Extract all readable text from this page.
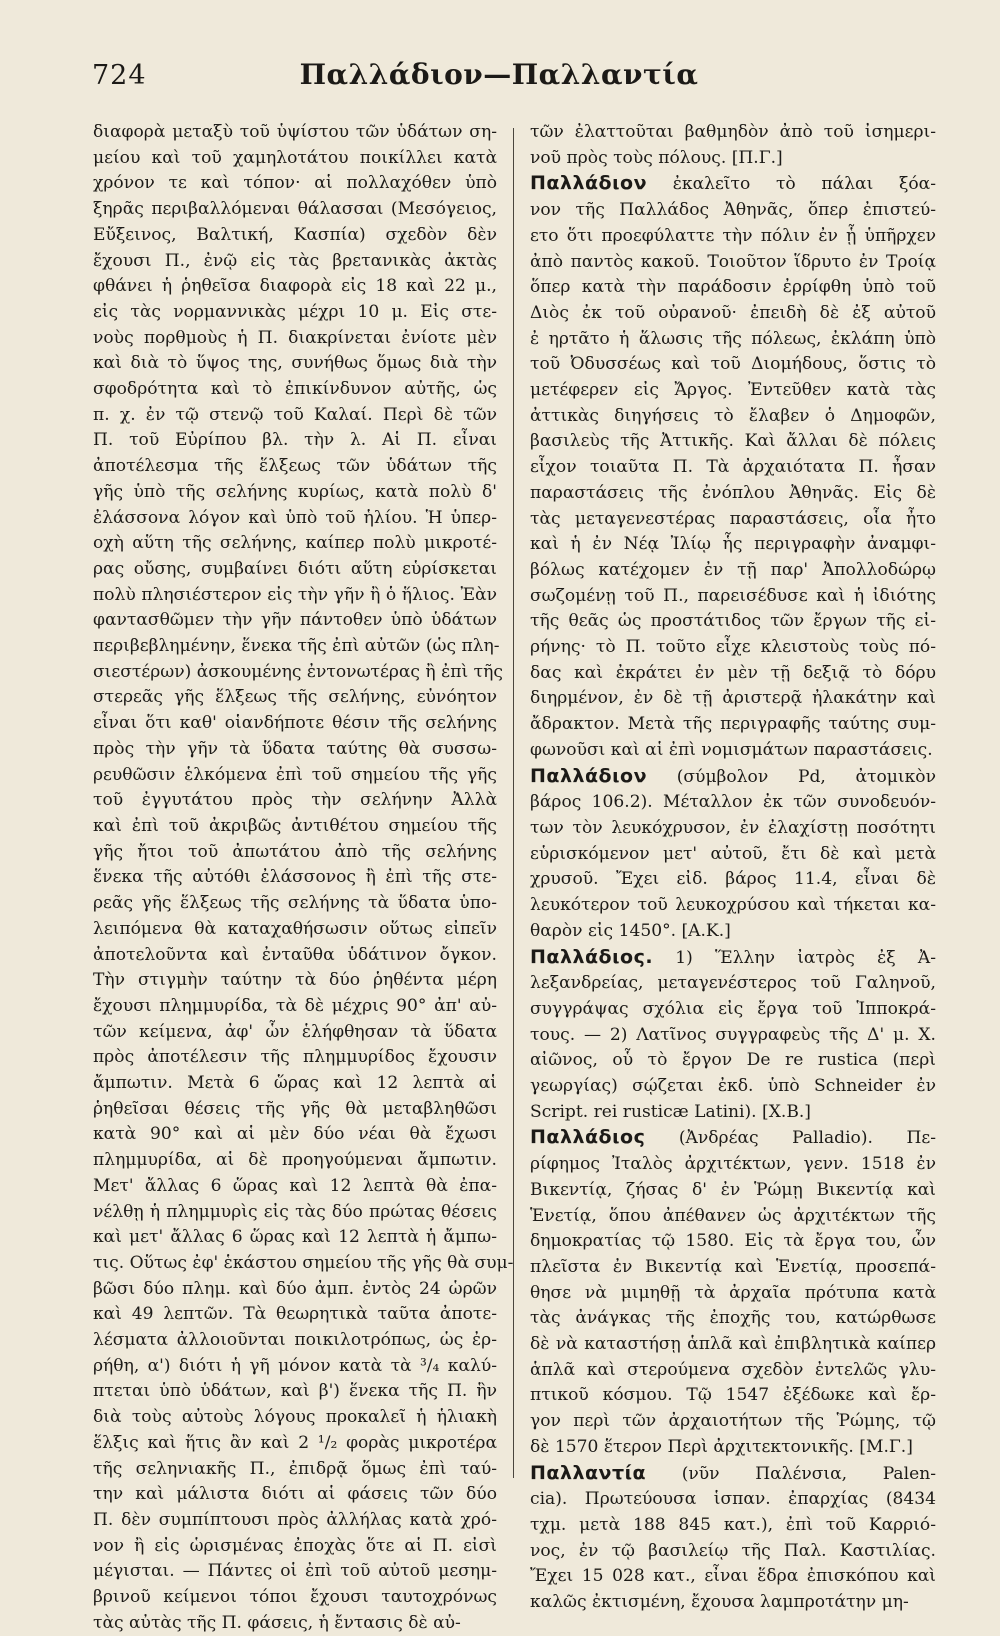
724	Παλλάδιον—Παλλαντία
διαφορὰ μεταξὺ τοῦ ὑψίστου τῶν ὑδάτων ση-
μείου καὶ τοῦ χαμηλοτάτου ποικίλλει κατὰ
χρόνον τε καὶ τόπον· αἱ πολλαχόθεν ὑπὸ
ξηρᾶς περιβαλλόμεναι θάλασσαι (Μεσόγειος,
Εὔξεινος, Βαλτική, Κασπία) σχεδὸν δὲν
ἔχουσι Π., ἐνῷ εἰς τὰς βρετανικὰς ἀκτὰς
φθάνει ἡ ῥηθεῖσα διαφορὰ εἰς 18 καὶ 22 μ.,
εἰς τὰς νορμαννικὰς μέχρι 10 μ. Εἰς στε-
νοὺς πορθμοὺς ἡ Π. διακρίνεται ἐνίοτε μὲν
καὶ διὰ τὸ ὕψος της, συνήθως ὅμως διὰ τὴν
σφοδρότητα καὶ τὸ ἐπικίνδυνον αὐτῆς, ὡς
π. χ. ἐν τῷ στενῷ τοῦ Καλαί. Περὶ δὲ τῶν
Π. τοῦ Εὐρίπου βλ. τὴν λ. Αἱ Π. εἶναι
ἀποτέλεσμα τῆς ἕλξεως τῶν ὑδάτων τῆς
γῆς ὑπὸ τῆς σελήνης κυρίως, κατὰ πολὺ δ'
ἐλάσσονα λόγον καὶ ὑπὸ τοῦ ἡλίου. Ἡ ὑπερ-
οχὴ αὕτη τῆς σελήνης, καίπερ πολὺ μικροτέ-
ρας οὔσης, συμβαίνει διότι αὕτη εὑρίσκεται
πολὺ πλησιέστερον εἰς τὴν γῆν ἢ ὁ ἥλιος. Ἐὰν
φαντασθῶμεν τὴν γῆν πάντοθεν ὑπὸ ὑδάτων
περιβεβλημένην, ἕνεκα τῆς ἐπὶ αὐτῶν (ὡς πλη-
σιεστέρων) ἀσκουμένης ἐντονωτέρας ἢ ἐπὶ τῆς
στερεᾶς γῆς ἕλξεως τῆς σελήνης, εὐνόητον
εἶναι ὅτι καθ' οἱανδήποτε θέσιν τῆς σελήνης
πρὸς τὴν γῆν τὰ ὕδατα ταύτης θὰ συσσω-
ρευθῶσιν ἑλκόμενα ἐπὶ τοῦ σημείου τῆς γῆς
τοῦ ἐγγυτάτου πρὸς τὴν σελήνην Ἀλλὰ
καὶ ἐπὶ τοῦ ἀκριβῶς ἀντιθέτου σημείου τῆς
γῆς ἤτοι τοῦ ἀπωτάτου ἀπὸ τῆς σελήνης
ἕνεκα τῆς αὐτόθι ἐλάσσονος ἢ ἐπὶ τῆς στε-
ρεᾶς γῆς ἕλξεως τῆς σελήνης τὰ ὕδατα ὑπο-
λειπόμενα θὰ καταχαθήσωσιν οὕτως εἰπεῖν
ἀποτελοῦντα καὶ ἐνταῦθα ὑδάτινον ὄγκον.
Τὴν στιγμὴν ταύτην τὰ δύο ῥηθέντα μέρη
ἔχουσι πλημμυρίδα, τὰ δὲ μέχρις 90° ἀπ' αὐ-
τῶν κείμενα, ἀφ' ὧν ἑλήφθησαν τὰ ὕδατα
πρὸς ἀποτέλεσιν τῆς πλημμυρίδος ἔχουσιν
ἄμπωτιν. Μετὰ 6 ὥρας καὶ 12 λεπτὰ αἱ
ῥηθεῖσαι θέσεις τῆς γῆς θὰ μεταβληθῶσι
κατὰ 90° καὶ αἱ μὲν δύο νέαι θὰ ἔχωσι
πλημμυρίδα, αἱ δὲ προηγούμεναι ἄμπωτιν.
Μετ' ἄλλας 6 ὥρας καὶ 12 λεπτὰ θὰ ἐπα-
νέλθῃ ἡ πλημμυρὶς εἰς τὰς δύο πρώτας θέσεις
καὶ μετ' ἄλλας 6 ὥρας καὶ 12 λεπτὰ ἡ ἄμπω-
τις. Οὕτως ἐφ' ἑκάστου σημείου τῆς γῆς θὰ συμ-
βῶσι δύο πλημ. καὶ δύο ἀμπ. ἐντὸς 24 ὡρῶν
καὶ 49 λεπτῶν. Τὰ θεωρητικὰ ταῦτα ἀποτε-
λέσματα ἀλλοιοῦνται ποικιλοτρόπως, ὡς ἐρ-
ρήθη, α') διότι ἡ γῆ μόνον κατὰ τὰ ³/₄ καλύ-
πτεται ὑπὸ ὑδάτων, καὶ β') ἕνεκα τῆς Π. ἣν
διὰ τοὺς αὐτοὺς λόγους προκαλεῖ ἡ ἡλιακὴ
ἕλξις καὶ ἥτις ἂν καὶ 2 ¹/₂ φορὰς μικροτέρα
τῆς σεληνιακῆς Π., ἐπιδρᾷ ὅμως ἐπὶ ταύ-
την καὶ μάλιστα διότι αἱ φάσεις τῶν δύο
Π. δὲν συμπίπτουσι πρὸς ἀλλήλας κατὰ χρό-
νον ἢ εἰς ὡρισμένας ἐποχὰς ὅτε αἱ Π. εἰσὶ
μέγισται. — Πάντες οἱ ἐπὶ τοῦ αὐτοῦ μεσημ-
βρινοῦ κείμενοι τόποι ἔχουσι ταυτοχρόνως
τὰς αὐτὰς τῆς Π. φάσεις, ἡ ἔντασις δὲ αὐ-
τῶν ἐλαττοῦται βαθμηδὸν ἀπὸ τοῦ ἰσημερι-
νοῦ πρὸς τοὺς πόλους. [Π.Γ.]
Παλλάδιον ἐκαλεῖτο τὸ πάλαι ξόα-
νον τῆς Παλλάδος Ἀθηνᾶς, ὅπερ ἐπιστεύ-
ετο ὅτι προεφύλαττε τὴν πόλιν ἐν ᾗ ὑπῆρχεν
ἀπὸ παντὸς κακοῦ. Τοιοῦτον ἵδρυτο ἐν Τροίᾳ
ὅπερ κατὰ τὴν παράδοσιν ἐρρίφθη ὑπὸ τοῦ
Διὸς ἐκ τοῦ οὐρανοῦ· ἐπειδὴ δὲ ἐξ αὐτοῦ
ἐ ηρτᾶτο ἡ ἅλωσις τῆς πόλεως, ἐκλάπη ὑπὸ
τοῦ Ὀδυσσέως καὶ τοῦ Διομήδους, ὅστις τὸ
μετέφερεν εἰς Ἄργος. Ἐντεῦθεν κατὰ τὰς
ἀττικὰς διηγήσεις τὸ ἔλαβεν ὁ Δημοφῶν,
βασιλεὺς τῆς Ἀττικῆς. Καὶ ἄλλαι δὲ πόλεις
εἶχον τοιαῦτα Π. Τὰ ἀρχαιότατα Π. ἦσαν
παραστάσεις τῆς ἐνόπλου Ἀθηνᾶς. Εἰς δὲ
τὰς μεταγενεστέρας παραστάσεις, οἷα ἦτο
καὶ ἡ ἐν Νέᾳ Ἰλίῳ ἧς περιγραφὴν ἀναμφι-
βόλως κατέχομεν ἐν τῇ παρ' Ἀπολλοδώρῳ
σωζομένῃ τοῦ Π., παρεισέδυσε καὶ ἡ ἰδιότης
τῆς θεᾶς ὡς προστάτιδος τῶν ἔργων τῆς εἰ-
ρήνης· τὸ Π. τοῦτο εἶχε κλειστοὺς τοὺς πό-
δας καὶ ἐκράτει ἐν μὲν τῇ δεξιᾷ τὸ δόρυ
διηρμένον, ἐν δὲ τῇ ἀριστερᾷ ἠλακάτην καὶ
ἄδρακτον. Μετὰ τῆς περιγραφῆς ταύτης συμ-
φωνοῦσι καὶ αἱ ἐπὶ νομισμάτων παραστάσεις.
Παλλάδιον (σύμβολον Pd, ἀτομικὸν
βάρος 106.2). Μέταλλον ἐκ τῶν συνοδευόν-
των τὸν λευκόχρυσον, ἐν ἐλαχίστῃ ποσότητι
εὑρισκόμενον μετ' αὐτοῦ, ἔτι δὲ καὶ μετὰ
χρυσοῦ. Ἔχει εἰδ. βάρος 11.4, εἶναι δὲ
λευκότερον τοῦ λευκοχρύσου καὶ τήκεται κα-
θαρὸν εἰς 1450°. [Α.Κ.]
Παλλάδιος. 1) Ἕλλην ἰατρὸς ἐξ Ἀ-
λεξανδρείας, μεταγενέστερος τοῦ Γαληνοῦ,
συγγράψας σχόλια εἰς ἔργα τοῦ Ἱπποκρά-
τους. — 2) Λατῖνος συγγραφεὺς τῆς Δ' μ. Χ.
αἰῶνος, οὗ τὸ ἔργον De re rustica (περὶ
γεωργίας) σῴζεται ἐκδ. ὑπὸ Schneider ἐν
Script. rei rusticæ Latini). [Χ.Β.]
Παλλάδιος (Ἀνδρέας Palladio). Πε-
ρίφημος Ἰταλὸς ἀρχιτέκτων, γενν. 1518 ἐν
Βικεντίᾳ, ζήσας δ' ἐν Ῥώμῃ Βικεντίᾳ καὶ
Ἑνετίᾳ, ὅπου ἀπέθανεν ὡς ἀρχιτέκτων τῆς
δημοκρατίας τῷ 1580. Εἰς τὰ ἔργα του, ὧν
πλεῖστα ἐν Βικεντίᾳ καὶ Ἑνετίᾳ, προσεπά-
θησε νὰ μιμηθῇ τὰ ἀρχαῖα πρότυπα κατὰ
τὰς ἀνάγκας τῆς ἐποχῆς του, κατώρθωσε
δὲ νὰ καταστήσῃ ἁπλᾶ καὶ ἐπιβλητικὰ καίπερ
ἁπλᾶ καὶ στερούμενα σχεδὸν ἐντελῶς γλυ-
πτικοῦ κόσμου. Τῷ 1547 ἐξέδωκε καὶ ἔρ-
γον περὶ τῶν ἀρχαιοτήτων τῆς Ῥώμης, τῷ
δὲ 1570 ἕτερον Περὶ ἀρχιτεκτονικῆς. [Μ.Γ.]
Παλλαντία (νῦν Παλένσια, Palen-
cia). Πρωτεύουσα ἱσπαν. ἐπαρχίας (8434
τχμ. μετὰ 188 845 κατ.), ἐπὶ τοῦ Καρριό-
νος, ἐν τῷ βασιλείῳ τῆς Παλ. Καστιλίας.
Ἔχει 15 028 κατ., εἶναι ἕδρα ἐπισκόπου καὶ
καλῶς ἐκτισμένη, ἔχουσα λαμπροτάτην μη-
